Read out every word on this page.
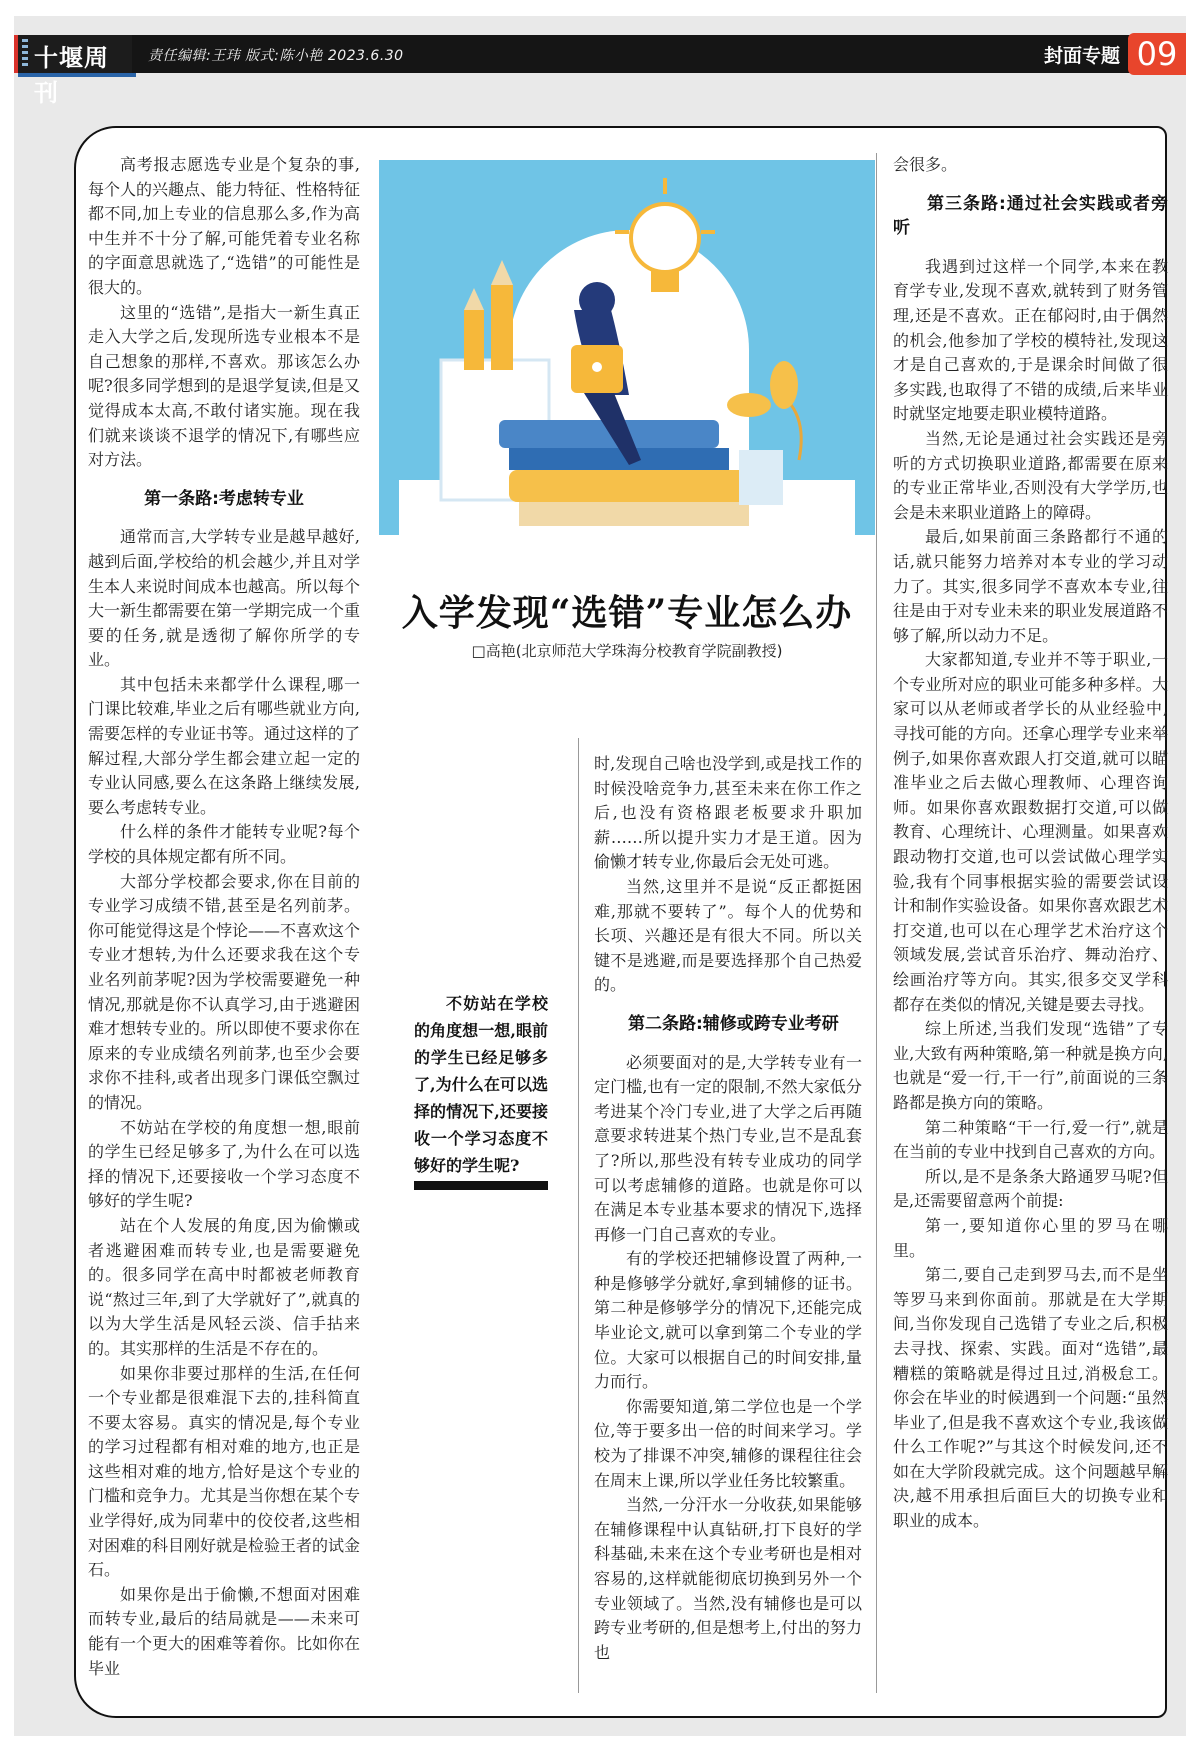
十堰周刊
责任编辑:王玮 版式:陈小艳 2023.6.30	封面专题 09

高考报志愿选专业是个复杂的事,每个人的兴趣点、能力特征、性格特征都不同,加上专业的信息那么多,作为高中生并不十分了解,可能凭着专业名称的字面意思就选了,“选错”的可能性是很大的。

这里的“选错”,是指大一新生真正走入大学之后,发现所选专业根本不是自己想象的那样,不喜欢。那该怎么办呢?很多同学想到的是退学复读,但是又觉得成本太高,不敢付诸实施。现在我们就来谈谈不退学的情况下,有哪些应对方法。

第一条路:考虑转专业

通常而言,大学转专业是越早越好,越到后面,学校给的机会越少,并且对学生本人来说时间成本也越高。所以每个大一新生都需要在第一学期完成一个重要的任务,就是透彻了解你所学的专业。

其中包括未来都学什么课程,哪一门课比较难,毕业之后有哪些就业方向,需要怎样的专业证书等。通过这样的了解过程,大部分学生都会建立起一定的专业认同感,要么在这条路上继续发展,要么考虑转专业。

什么样的条件才能转专业呢?每个学校的具体规定都有所不同。

大部分学校都会要求,你在目前的专业学习成绩不错,甚至是名列前茅。你可能觉得这是个悖论——不喜欢这个专业才想转,为什么还要求我在这个专业名列前茅呢?因为学校需要避免一种情况,那就是你不认真学习,由于逃避困难才想转专业的。所以即使不要求你在原来的专业成绩名列前茅,也至少会要求你不挂科,或者出现多门课低空飘过的情况。

不妨站在学校的角度想一想,眼前的学生已经足够多了,为什么在可以选择的情况下,还要接收一个学习态度不够好的学生呢?

站在个人发展的角度,因为偷懒或者逃避困难而转专业,也是需要避免的。很多同学在高中时都被老师教育说“熬过三年,到了大学就好了”,就真的以为大学生活是风轻云淡、信手拈来的。其实那样的生活是不存在的。

如果你非要过那样的生活,在任何一个专业都是很难混下去的,挂科简直不要太容易。真实的情况是,每个专业的学习过程都有相对难的地方,也正是这些相对难的地方,恰好是这个专业的门槛和竞争力。尤其是当你想在某个专业学得好,成为同辈中的佼佼者,这些相对困难的科目刚好就是检验王者的试金石。

如果你是出于偷懒,不想面对困难而转专业,最后的结局就是——未来可能有一个更大的困难等着你。比如你在毕业

入学发现“选错”专业怎么办
□高艳(北京师范大学珠海分校教育学院副教授)
不妨站在学校的角度想一想,眼前的学生已经足够多了,为什么在可以选择的情况下,还要接收一个学习态度不够好的学生呢?

时,发现自己啥也没学到,或是找工作的时候没啥竞争力,甚至未来在你工作之后,也没有资格跟老板要求升职加薪……所以提升实力才是王道。因为偷懒才转专业,你最后会无处可逃。

当然,这里并不是说“反正都挺困难,那就不要转了”。每个人的优势和长项、兴趣还是有很大不同。所以关键不是逃避,而是要选择那个自己热爱的。

第二条路:辅修或跨专业考研

必须要面对的是,大学转专业有一定门槛,也有一定的限制,不然大家低分考进某个冷门专业,进了大学之后再随意要求转进某个热门专业,岂不是乱套了?所以,那些没有转专业成功的同学可以考虑辅修的道路。也就是你可以在满足本专业基本要求的情况下,选择再修一门自己喜欢的专业。

有的学校还把辅修设置了两种,一种是修够学分就好,拿到辅修的证书。第二种是修够学分的情况下,还能完成毕业论文,就可以拿到第二个专业的学位。大家可以根据自己的时间安排,量力而行。

你需要知道,第二学位也是一个学位,等于要多出一倍的时间来学习。学校为了排课不冲突,辅修的课程往往会在周末上课,所以学业任务比较繁重。

当然,一分汗水一分收获,如果能够在辅修课程中认真钻研,打下良好的学科基础,未来在这个专业考研也是相对容易的,这样就能彻底切换到另外一个专业领域了。当然,没有辅修也是可以跨专业考研的,但是想考上,付出的努力也

会很多。

第三条路:通过社会实践或者旁听

我遇到过这样一个同学,本来在教育学专业,发现不喜欢,就转到了财务管理,还是不喜欢。正在郁闷时,由于偶然的机会,他参加了学校的模特社,发现这才是自己喜欢的,于是课余时间做了很多实践,也取得了不错的成绩,后来毕业时就坚定地要走职业模特道路。

当然,无论是通过社会实践还是旁听的方式切换职业道路,都需要在原来的专业正常毕业,否则没有大学学历,也会是未来职业道路上的障碍。

最后,如果前面三条路都行不通的话,就只能努力培养对本专业的学习动力了。其实,很多同学不喜欢本专业,往往是由于对专业未来的职业发展道路不够了解,所以动力不足。

大家都知道,专业并不等于职业,一个专业所对应的职业可能多种多样。大家可以从老师或者学长的从业经验中,寻找可能的方向。还拿心理学专业来举例子,如果你喜欢跟人打交道,就可以瞄准毕业之后去做心理教师、心理咨询师。如果你喜欢跟数据打交道,可以做教育、心理统计、心理测量。如果喜欢跟动物打交道,也可以尝试做心理学实验,我有个同事根据实验的需要尝试设计和制作实验设备。如果你喜欢跟艺术打交道,也可以在心理学艺术治疗这个领域发展,尝试音乐治疗、舞动治疗、绘画治疗等方向。其实,很多交叉学科都存在类似的情况,关键是要去寻找。

综上所述,当我们发现“选错”了专业,大致有两种策略,第一种就是换方向,也就是“爱一行,干一行”,前面说的三条路都是换方向的策略。

第二种策略“干一行,爱一行”,就是在当前的专业中找到自己喜欢的方向。

所以,是不是条条大路通罗马呢?但是,还需要留意两个前提:

第一,要知道你心里的罗马在哪里。

第二,要自己走到罗马去,而不是坐等罗马来到你面前。那就是在大学期间,当你发现自己选错了专业之后,积极去寻找、探索、实践。面对“选错”,最糟糕的策略就是得过且过,消极怠工。你会在毕业的时候遇到一个问题:“虽然毕业了,但是我不喜欢这个专业,我该做什么工作呢?”与其这个时候发问,还不如在大学阶段就完成。这个问题越早解决,越不用承担后面巨大的切换专业和职业的成本。
